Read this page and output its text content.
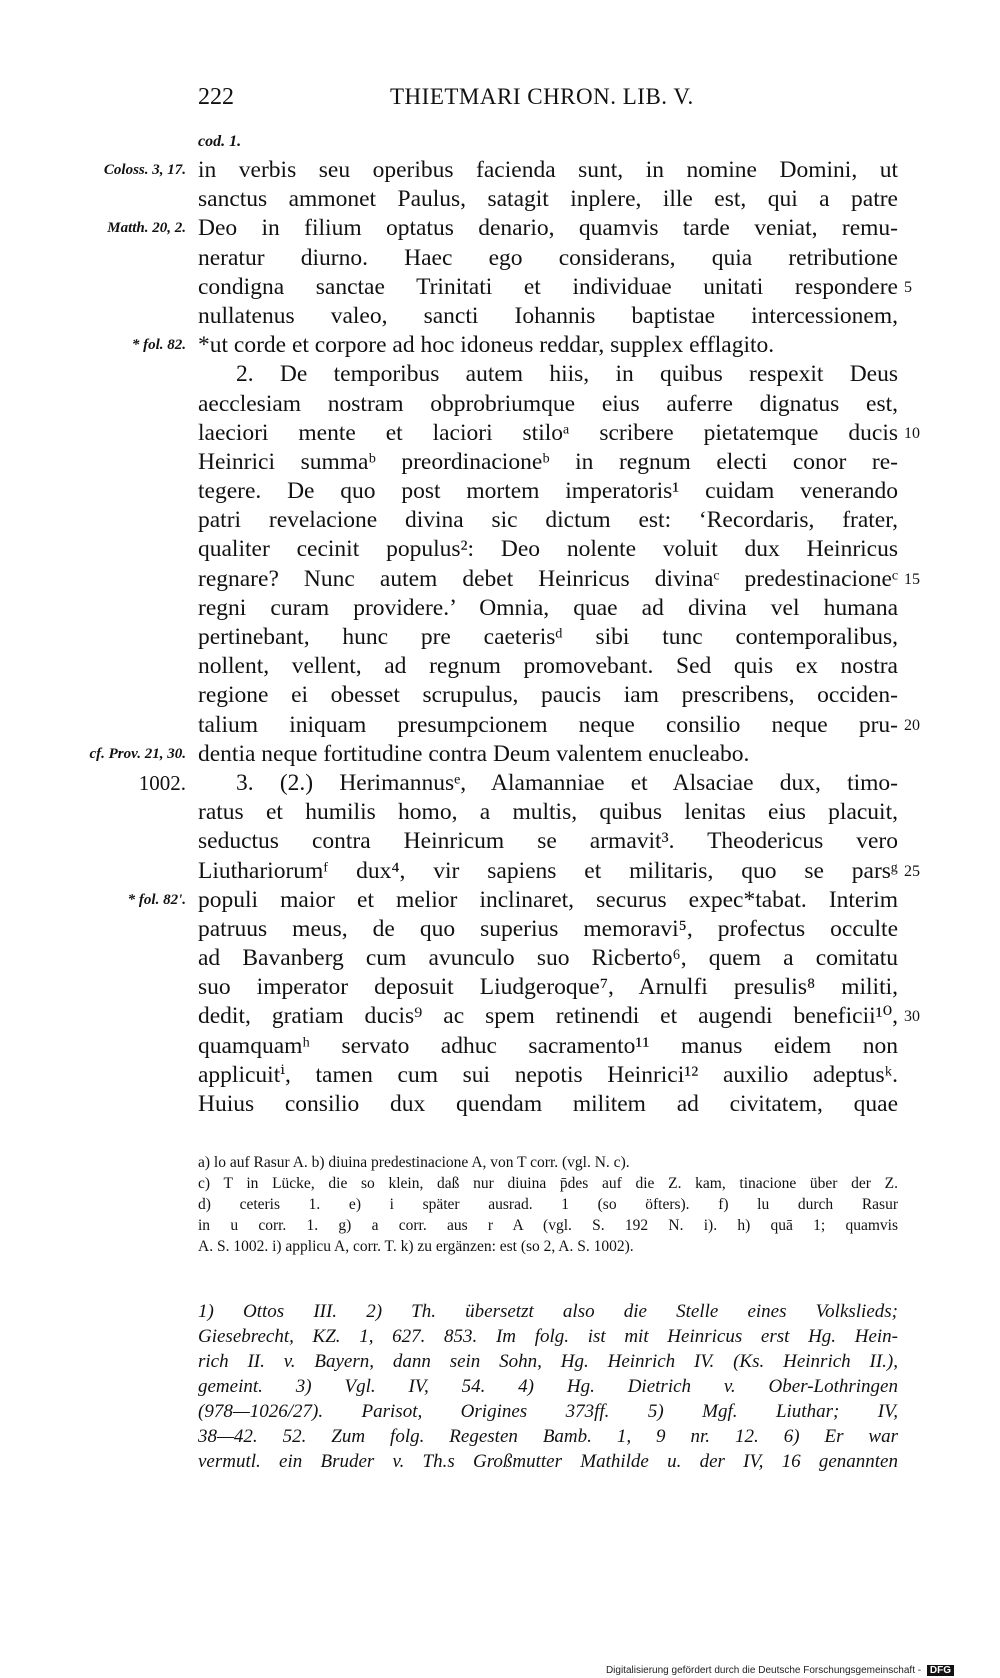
222	THIETMARI CHRON. LIB. V.
cod. 1.
in verbis seu operibus facienda sunt, in nomine Domini, ut
Coloss. 3, 17.
sanctus ammonet Paulus, satagit inplere, ille est, qui a patre
Deo in filium optatus denario, quamvis tarde veniat, remu-
Matth. 20, 2.
neratur diurno. Haec ego considerans, quia retributione
condigna sanctae Trinitati et individuae unitati respondere 5
nullatenus valeo, sancti Iohannis baptistae intercessionem,
*ut corde et corpore ad hoc idoneus reddar, supplex efflagito.
* fol. 82.
2. De temporibus autem hiis, in quibus respexit Deus
aecclesiam nostram obprobriumque eius auferre dignatus est,
laeciori mente et laciori stiloᵃ scribere pietatemque ducis 10
Heinrici summaᵇ preordinacioneᵇ in regnum electi conor re-
tegere. De quo post mortem imperatoris¹ cuidam venerando
patri revelacione divina sic dictum est: ‘Recordaris, frater,
qualiter cecinit populus²: Deo nolente voluit dux Heinricus
regnare? Nunc autem debet Heinricus divinaᶜ predestinacioneᶜ 15
regni curam providere.’ Omnia, quae ad divina vel humana
pertinebant, hunc pre caeterisᵈ sibi tunc contemporalibus,
nollent, vellent, ad regnum promovebant. Sed quis ex nostra
regione ei obesset scrupulus, paucis iam prescribens, occiden-
talium iniquam presumpcionem neque consilio neque pru- 20
dentia neque fortitudine contra Deum valentem enucleabo.
cf. Prov. 21, 30.
3. (2.) Herimannusᵉ, Alamanniae et Alsaciae dux, timo-
1002.
ratus et humilis homo, a multis, quibus lenitas eius placuit,
seductus contra Heinricum se armavit³. Theodericus vero
Liuthariorumᶠ dux⁴, vir sapiens et militaris, quo se parsᵍ 25
populi maior et melior inclinaret, securus expec*tabat. Interim
* fol. 82'.
patruus meus, de quo superius memoravi⁵, profectus occulte
ad Bavanberg cum avunculo suo Ricberto⁶, quem a comitatu
suo imperator deposuit Liudgeroque⁷, Arnulfi presulis⁸ militi,
dedit, gratiam ducis⁹ ac spem retinendi et augendi beneficii¹⁰, 30
quamquamʰ servato adhuc sacramento¹¹ manus eidem non
applicuitⁱ, tamen cum sui nepotis Heinrici¹² auxilio adeptusᵏ.
Huius consilio dux quendam militem ad civitatem, quae
a) lo auf Rasur A. b) diuina predestinacione A, von T corr. (vgl. N. c).
c) T in Lücke, die so klein, daß nur diuina p̄des auf die Z. kam, tinacione über der Z.
d) ceteris 1. e) i später ausrad. 1 (so öfters). f) lu durch Rasur
in u corr. 1. g) a corr. aus r A (vgl. S. 192 N. i). h) quā 1; quamvis
A. S. 1002. i) applicu A, corr. T. k) zu ergänzen: est (so 2, A. S. 1002).
1) Ottos III. 2) Th. übersetzt also die Stelle eines Volkslieds;
Giesebrecht, KZ. 1, 627. 853. Im folg. ist mit Heinricus erst Hg. Hein-
rich II. v. Bayern, dann sein Sohn, Hg. Heinrich IV. (Ks. Heinrich II.),
gemeint. 3) Vgl. IV, 54. 4) Hg. Dietrich v. Ober-Lothringen
(978—1026/27). Parisot, Origines 373ff. 5) Mgf. Liuthar; IV,
38—42. 52. Zum folg. Regesten Bamb. 1, 9 nr. 12. 6) Er war
vermutl. ein Bruder v. Th.s Großmutter Mathilde u. der IV, 16 genannten
Digitalisierung gefördert durch die Deutsche Forschungsgemeinschaft - DFG
